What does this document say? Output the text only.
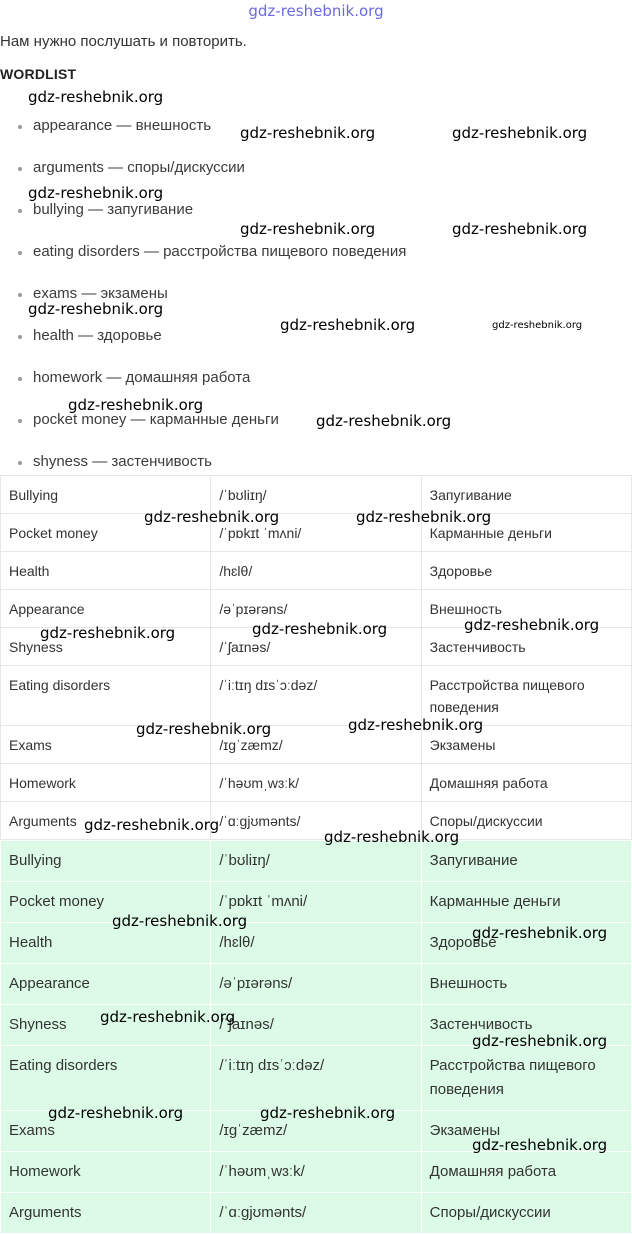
gdz-reshebnik.org
Нам нужно послушать и повторить.
WORDLIST
appearance — внешность
arguments — споры/дискуссии
bullying — запугивание
eating disorders — расстройства пищевого поведения
exams — экзамены
health — здоровье
homework — домашняя работа
pocket money — карманные деньги
shyness — застенчивость
Bullying	/ˈbʊliɪŋ/	Запугивание
Pocket money	/ˈpɒkɪt ˈmʌni/	Карманные деньги
Health	/hɛlθ/	Здоровье
Appearance	/əˈpɪərəns/	Внешность
Shyness	/ˈʃaɪnəs/	Застенчивость
Eating disorders	/ˈiːtɪŋ dɪsˈɔːdəz/	Расстройства пищевого поведения
Exams	/ɪgˈzæmz/	Экзамены
Homework	/ˈhəʊmˌwɜːk/	Домашняя работа
Arguments	/ˈɑːgjʊmənts/	Споры/дискуссии
Bullying	/ˈbʊliɪŋ/	Запугивание
Pocket money	/ˈpɒkɪt ˈmʌni/	Карманные деньги
Health	/hɛlθ/	Здоровье
Appearance	/əˈpɪərəns/	Внешность
Shyness	/ˈʃaɪnəs/	Застенчивость
Eating disorders	/ˈiːtɪŋ dɪsˈɔːdəz/	Расстройства пищевого поведения
Exams	/ɪgˈzæmz/	Экзамены
Homework	/ˈhəʊmˌwɜːk/	Домашняя работа
Arguments	/ˈɑːgjʊmənts/	Споры/дискуссии
gdz-reshebnik.org
gdz-reshebnik.org	gdz-reshebnik.org
gdz-reshebnik.org
gdz-reshebnik.org	gdz-reshebnik.org
gdz-reshebnik.org
gdz-reshebnik.org	gdz-reshebnik.org
gdz-reshebnik.org
gdz-reshebnik.org
gdz-reshebnik.org	gdz-reshebnik.org
gdz-reshebnik.org	gdz-reshebnik.org	gdz-reshebnik.org
gdz-reshebnik.org	gdz-reshebnik.org
gdz-reshebnik.org
gdz-reshebnik.org
gdz-reshebnik.org
gdz-reshebnik.org
gdz-reshebnik.org
gdz-reshebnik.org
gdz-reshebnik.org	gdz-reshebnik.org
gdz-reshebnik.org
